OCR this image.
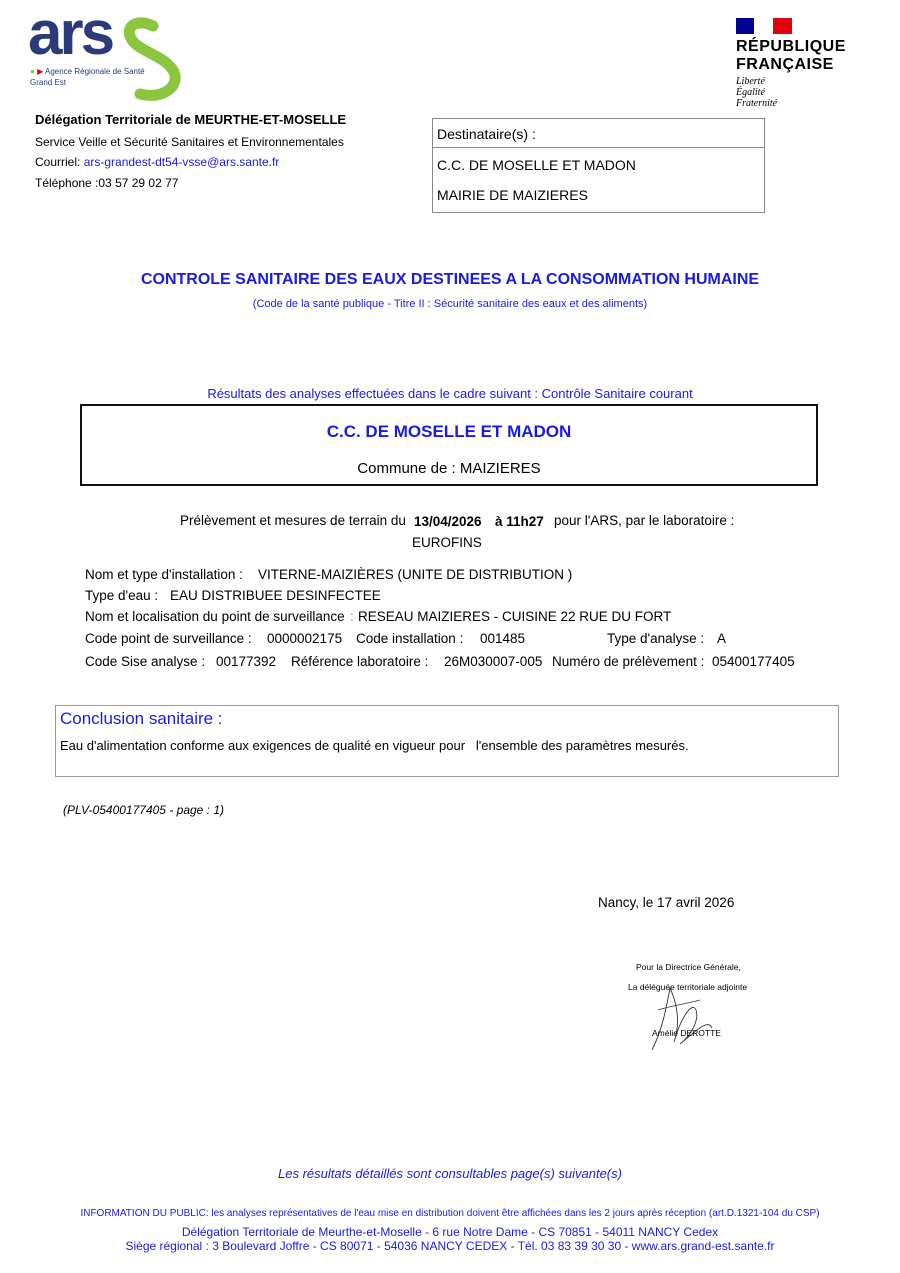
ars
● ▶ Agence Régionale de Santé
Grand Est
RÉPUBLIQUE
FRANÇAISE
Liberté
Égalité
Fraternité
Délégation Territoriale de MEURTHE-ET-MOSELLE
Service Veille et Sécurité Sanitaires et Environnementales
Courriel: ars-grandest-dt54-vsse@ars.sante.fr
Téléphone :03 57 29 02 77
Destinataire(s) :
C.C. DE MOSELLE ET MADON
MAIRIE DE MAIZIERES
CONTROLE SANITAIRE DES EAUX DESTINEES A LA CONSOMMATION HUMAINE
(Code de la santé publique - Titre II : Sécurité sanitaire des eaux et des aliments)
Résultats des analyses effectuées dans le cadre suivant : Contrôle Sanitaire courant
C.C. DE MOSELLE ET MADON
Commune de : MAIZIERES
Prélèvement et mesures de terrain du 13/04/2026 à 11h27 pour l'ARS, par le laboratoire :
EUROFINS
Nom et type d'installation : VITERNE-MAIZIÈRES (UNITE DE DISTRIBUTION )
Type d'eau : EAU DISTRIBUEE DESINFECTEE
Nom et localisation du point de surveillance : RESEAU MAIZIERES - CUISINE 22 RUE DU FORT
Code point de surveillance : 0000002175 Code installation : 001485	Type d'analyse : A
Code Sise analyse : 00177392 Référence laboratoire : 26M030007-005 Numéro de prélèvement : 05400177405
Conclusion sanitaire :
Eau d'alimentation conforme aux exigences de qualité en vigueur pour   l'ensemble des paramètres mesurés.
(PLV-05400177405 - page : 1)
Nancy, le 17 avril 2026
Pour la Directrice Générale,
La déléguée territoriale adjointe
Amélie DEROTTE
Les résultats détaillés sont consultables page(s) suivante(s)
INFORMATION DU PUBLIC: les analyses représentatives de l'eau mise en distribution doivent être affichées dans les 2 jours après réception (art.D.1321-104 du CSP)
Délégation Territoriale de Meurthe-et-Moselle - 6 rue Notre Dame - CS 70851 - 54011 NANCY Cedex
Siège régional : 3 Boulevard Joffre - CS 80071 - 54036 NANCY CEDEX - Tél. 03 83 39 30 30 - www.ars.grand-est.sante.fr
